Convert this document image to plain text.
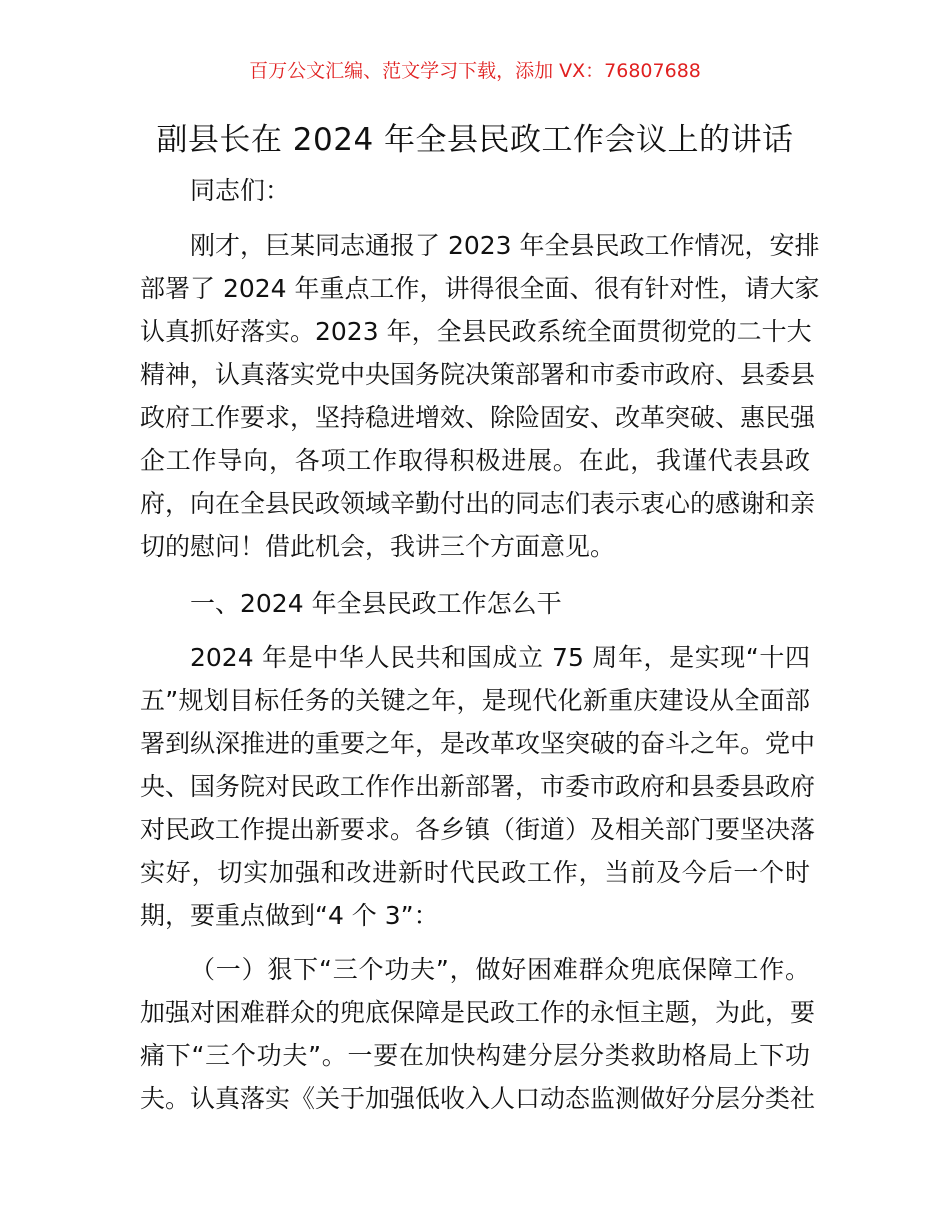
百万公文汇编、范文学习下载，添加 VX：76807688
副县长在 2024 年全县民政工作会议上的讲话
同志们：
刚才，巨某同志通报了 2023 年全县民政工作情况，安排
部署了 2024 年重点工作，讲得很全面、很有针对性，请大家
认真抓好落实。2023 年，全县民政系统全面贯彻党的二十大
精神，认真落实党中央国务院决策部署和市委市政府、县委县
政府工作要求，坚持稳进增效、除险固安、改革突破、惠民强
企工作导向，各项工作取得积极进展。在此，我谨代表县政
府，向在全县民政领域辛勤付出的同志们表示衷心的感谢和亲
切的慰问！借此机会，我讲三个方面意见。
一、2024 年全县民政工作怎么干
2024 年是中华人民共和国成立 75 周年，是实现“十四
五”规划目标任务的关键之年，是现代化新重庆建设从全面部
署到纵深推进的重要之年，是改革攻坚突破的奋斗之年。党中
央、国务院对民政工作作出新部署，市委市政府和县委县政府
对民政工作提出新要求。各乡镇（街道）及相关部门要坚决落
实好，切实加强和改进新时代民政工作，当前及今后一个时
期，要重点做到“4 个 3”：
（一）狠下“三个功夫”，做好困难群众兜底保障工作。
加强对困难群众的兜底保障是民政工作的永恒主题，为此，要
痛下“三个功夫”。一要在加快构建分层分类救助格局上下功
夫。认真落实《关于加强低收入人口动态监测做好分层分类社
